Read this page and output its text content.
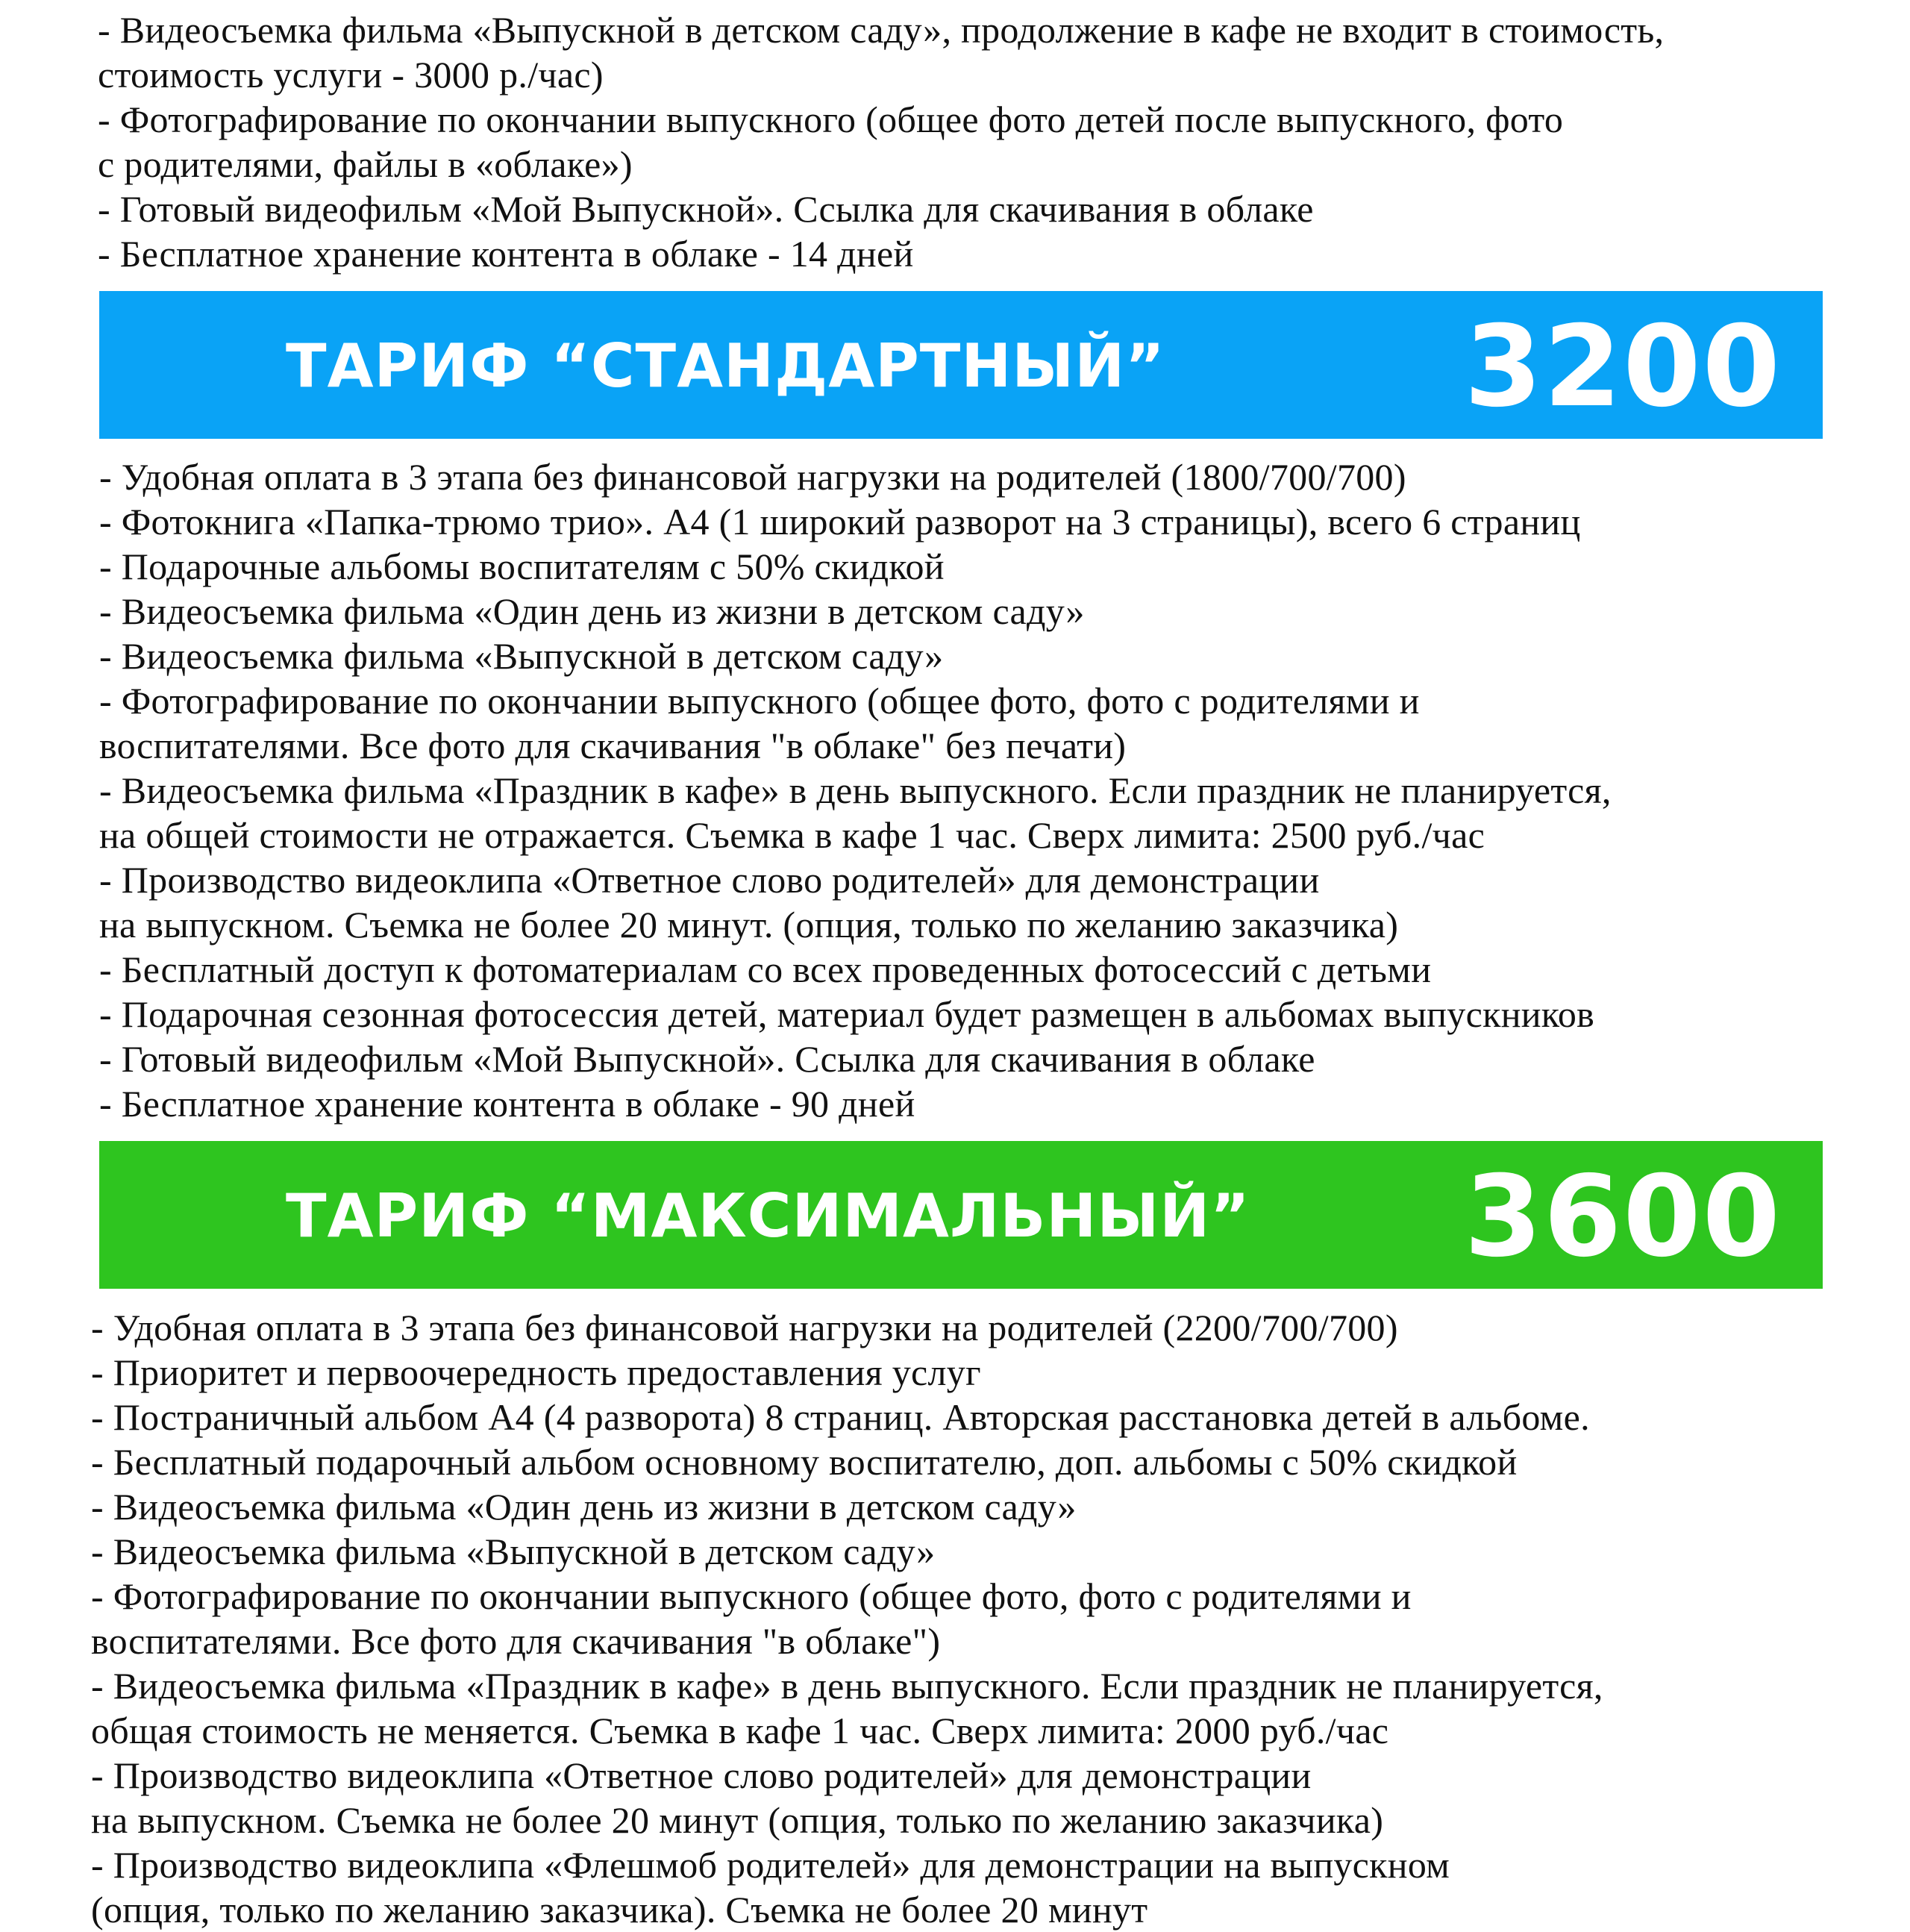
- Видеосъемка фильма «Выпускной в детском саду», продолжение в кафе не входит в стоимость,
стоимость услуги - 3000 р./час)
- Фотографирование по окончании выпускного (общее фото детей после выпускного, фото
с родителями, файлы в «облаке»)
- Готовый видеофильм «Мой Выпускной». Ссылка для скачивания в облаке
- Бесплатное хранение контента в облаке - 14 дней
ТАРИФ “СТАНДАРТНЫЙ”	3200
- Удобная оплата в 3 этапа без финансовой нагрузки на родителей (1800/700/700)
- Фотокнига «Папка-трюмо трио». А4 (1 широкий разворот на 3 страницы), всего 6 страниц
- Подарочные альбомы воспитателям с 50% скидкой
- Видеосъемка фильма «Один день из жизни в детском саду»
- Видеосъемка фильма «Выпускной в детском саду»
- Фотографирование по окончании выпускного (общее фото, фото с родителями и
воспитателями. Все фото для скачивания "в облаке" без печати)
- Видеосъемка фильма «Праздник в кафе» в день выпускного. Если праздник не планируется,
на общей стоимости не отражается. Съемка в кафе 1 час. Сверх лимита: 2500 руб./час
- Производство видеоклипа «Ответное слово родителей» для демонстрации
на выпускном. Съемка не более 20 минут. (опция, только по желанию заказчика)
- Бесплатный доступ к фотоматериалам со всех проведенных фотосессий с детьми
- Подарочная сезонная фотосессия детей, материал будет размещен в альбомах выпускников
- Готовый видеофильм «Мой Выпускной». Ссылка для скачивания в облаке
- Бесплатное хранение контента в облаке - 90 дней
ТАРИФ “МАКСИМАЛЬНЫЙ” 3600
- Удобная оплата в 3 этапа без финансовой нагрузки на родителей (2200/700/700)
- Приоритет и первоочередность предоставления услуг
- Постраничный альбом А4 (4 разворота) 8 страниц. Авторская расстановка детей в альбоме.
- Бесплатный подарочный альбом основному воспитателю, доп. альбомы с 50% скидкой
- Видеосъемка фильма «Один день из жизни в детском саду»
- Видеосъемка фильма «Выпускной в детском саду»
- Фотографирование по окончании выпускного (общее фото, фото с родителями и
воспитателями. Все фото для скачивания "в облаке")
- Видеосъемка фильма «Праздник в кафе» в день выпускного. Если праздник не планируется,
общая стоимость не меняется. Съемка в кафе 1 час. Сверх лимита: 2000 руб./час
- Производство видеоклипа «Ответное слово родителей» для демонстрации
на выпускном. Съемка не более 20 минут (опция, только по желанию заказчика)
- Производство видеоклипа «Флешмоб родителей» для демонстрации на выпускном
(опция, только по желанию заказчика). Съемка не более 20 минут
